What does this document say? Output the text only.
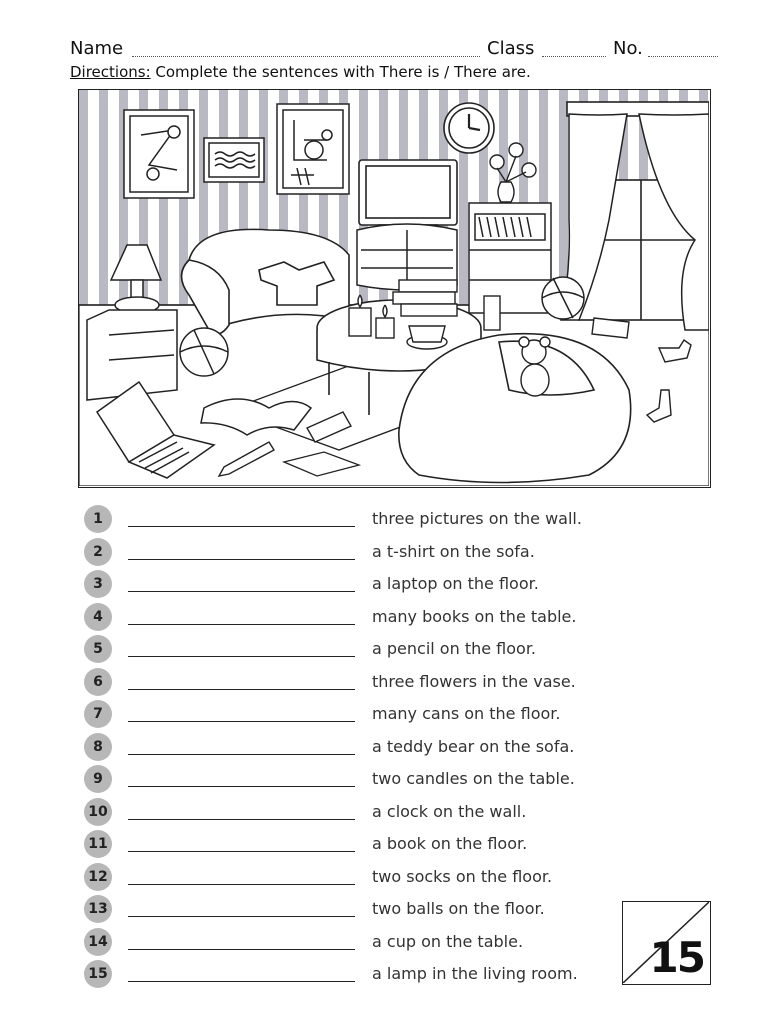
Name	Class	No.
Directions: Complete the sentences with There is / There are.
1	three pictures on the wall.
2	a t-shirt on the sofa.
3	a laptop on the floor.
4	many books on the table.
5	a pencil on the floor.
6	three flowers in the vase.
7	many cans on the floor.
8	a teddy bear on the sofa.
9	two candles on the table.
10	a clock on the wall.
11	a book on the floor.
12	two socks on the floor.
13	two balls on the floor.
14	a cup on the table.
15	a lamp in the living room. 15
